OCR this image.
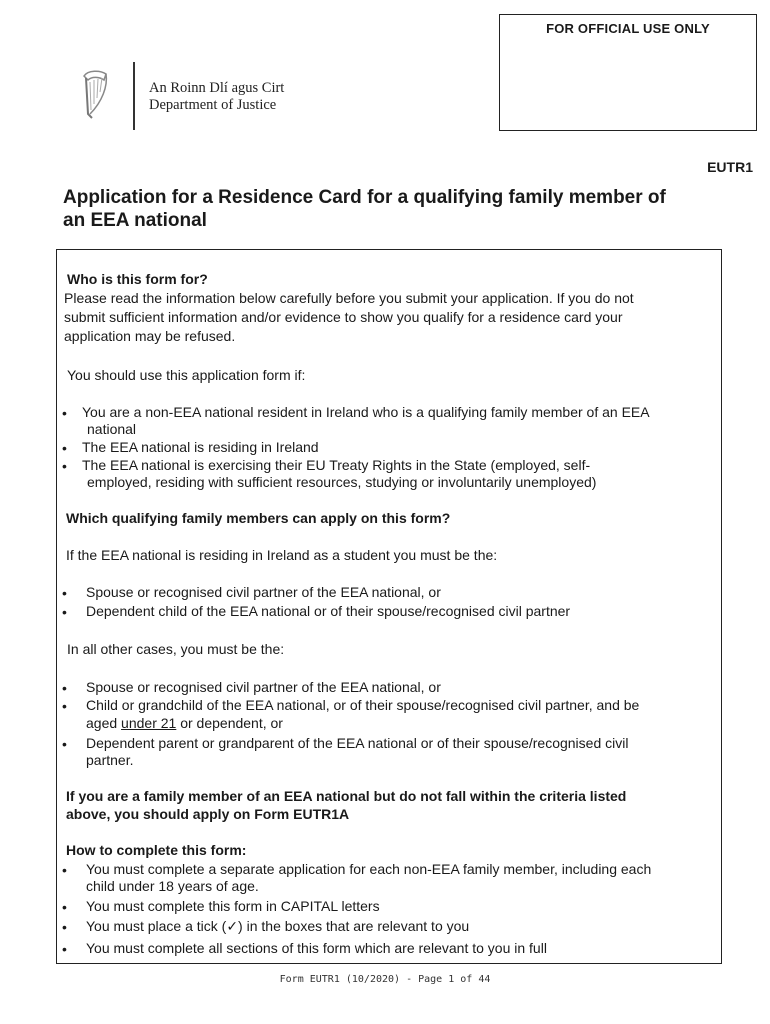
FOR OFFICIAL USE ONLY
An Roinn Dlí agus Cirt
Department of Justice
EUTR1
Application for a Residence Card for a qualifying family member of
an EEA national
Who is this form for?
Please read the information below carefully before you submit your application. If you do not
submit sufficient information and/or evidence to show you qualify for a residence card your
application may be refused.
You should use this application form if:
• You are a non-EEA national resident in Ireland who is a qualifying family member of an EEA
national
• The EEA national is residing in Ireland
• The EEA national is exercising their EU Treaty Rights in the State (employed, self-
employed, residing with sufficient resources, studying or involuntarily unemployed)
Which qualifying family members can apply on this form?
If the EEA national is residing in Ireland as a student you must be the:
• Spouse or recognised civil partner of the EEA national, or
• Dependent child of the EEA national or of their spouse/recognised civil partner
In all other cases, you must be the:
• Spouse or recognised civil partner of the EEA national, or
• Child or grandchild of the EEA national, or of their spouse/recognised civil partner, and be
aged under 21 or dependent, or
• Dependent parent or grandparent of the EEA national or of their spouse/recognised civil
partner.
If you are a family member of an EEA national but do not fall within the criteria listed
above, you should apply on Form EUTR1A
How to complete this form:
• You must complete a separate application for each non-EEA family member, including each
child under 18 years of age.
• You must complete this form in CAPITAL letters
• You must place a tick (✓) in the boxes that are relevant to you
• You must complete all sections of this form which are relevant to you in full
Form EUTR1 (10/2020) - Page 1 of 44
